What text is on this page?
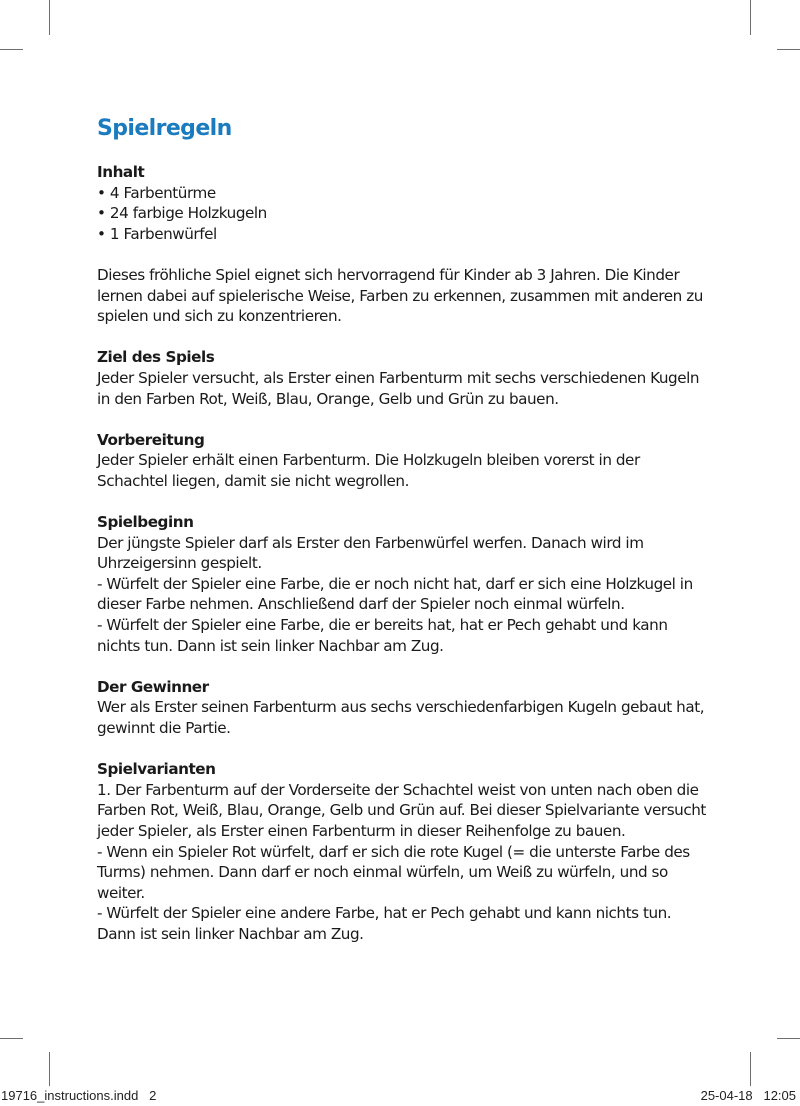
Spielregeln
Inhalt
• 4 Farbentürme
• 24 farbige Holzkugeln
• 1 Farbenwürfel

Dieses fröhliche Spiel eignet sich hervorragend für Kinder ab 3 Jahren. Die Kinder lernen dabei auf spielerische Weise, Farben zu erkennen, zusammen mit anderen zu spielen und sich zu konzentrieren.

Ziel des Spiels

Jeder Spieler versucht, als Erster einen Farbenturm mit sechs verschiedenen Kugeln in den Farben Rot, Weiß, Blau, Orange, Gelb und Grün zu bauen.

Vorbereitung

Jeder Spieler erhält einen Farbenturm. Die Holzkugeln bleiben vorerst in der Schachtel liegen, damit sie nicht wegrollen.

Spielbeginn

Der jüngste Spieler darf als Erster den Farbenwürfel werfen. Danach wird im Uhrzeigersinn gespielt.

- Würfelt der Spieler eine Farbe, die er noch nicht hat, darf er sich eine Holzkugel in dieser Farbe nehmen. Anschließend darf der Spieler noch einmal würfeln.

- Würfelt der Spieler eine Farbe, die er bereits hat, hat er Pech gehabt und kann nichts tun. Dann ist sein linker Nachbar am Zug.

Der Gewinner

Wer als Erster seinen Farbenturm aus sechs verschiedenfarbigen Kugeln gebaut hat, gewinnt die Partie.

Spielvarianten

1. Der Farbenturm auf der Vorderseite der Schachtel weist von unten nach oben die Farben Rot, Weiß, Blau, Orange, Gelb und Grün auf. Bei dieser Spielvariante versucht jeder Spieler, als Erster einen Farbenturm in dieser Reihenfolge zu bauen.

- Wenn ein Spieler Rot würfelt, darf er sich die rote Kugel (= die unterste Farbe des Turms) nehmen. Dann darf er noch einmal würfeln, um Weiß zu würfeln, und so weiter.

- Würfelt der Spieler eine andere Farbe, hat er Pech gehabt und kann nichts tun. Dann ist sein linker Nachbar am Zug.

19716_instructions.indd   2	25-04-18   12:05
